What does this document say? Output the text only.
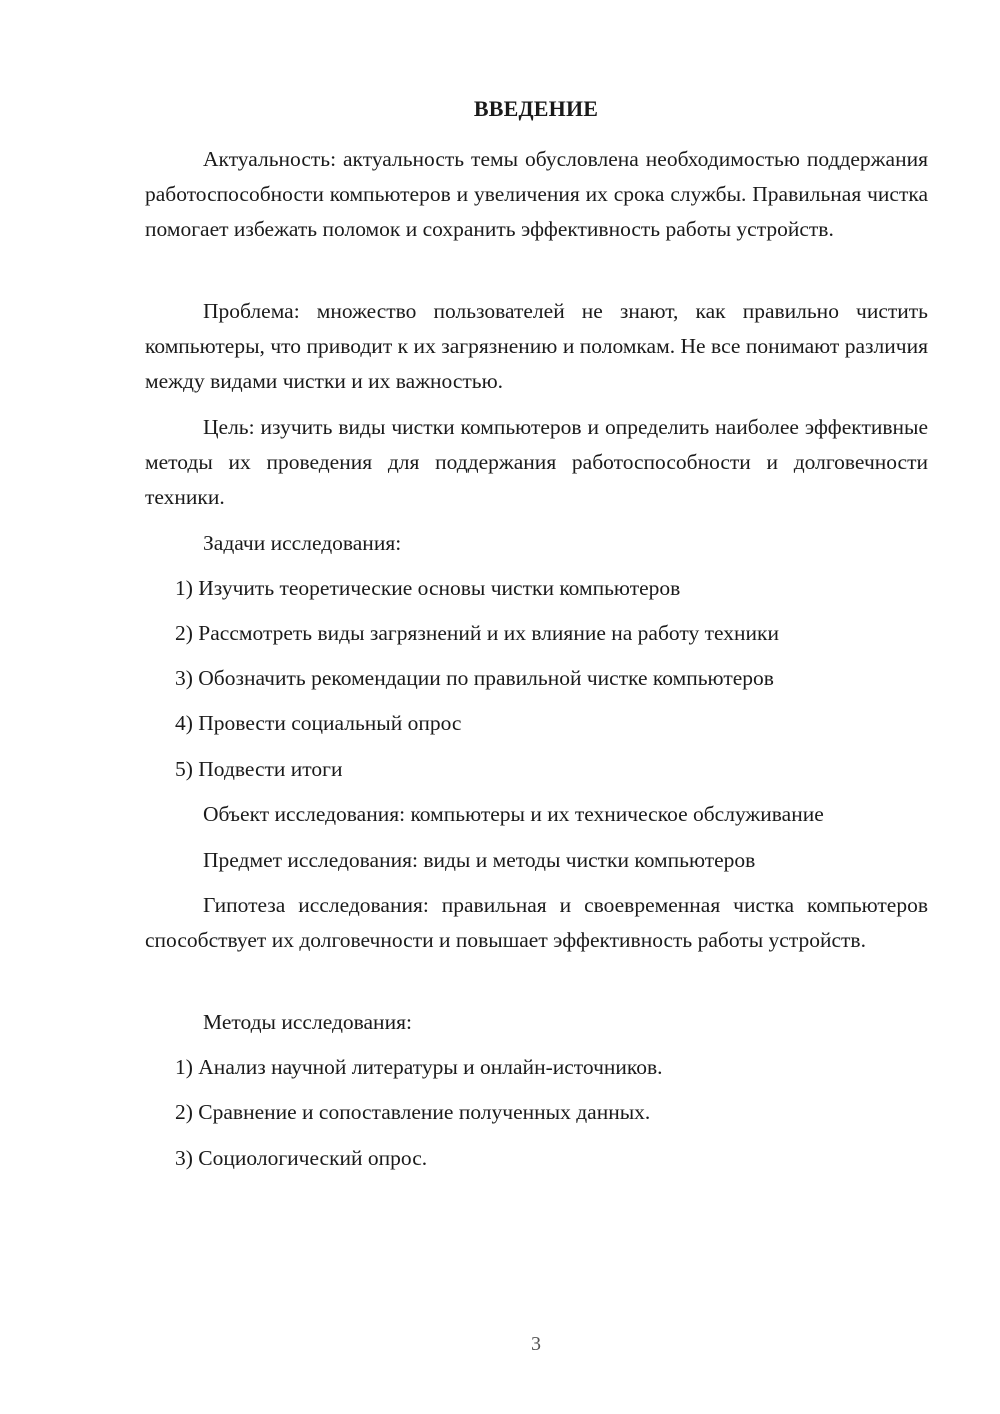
ВВЕДЕНИЕ

Актуальность: актуальность темы обусловлена необходимостью поддержания работоспособности компьютеров и увеличения их срока службы. Правильная чистка помогает избежать поломок и сохранить эффективность работы устройств.

Проблема: множество пользователей не знают, как правильно чистить компьютеры, что приводит к их загрязнению и поломкам. Не все понимают различия между видами чистки и их важностью.

Цель: изучить виды чистки компьютеров и определить наиболее эффективные методы их проведения для поддержания работоспособности и долговечности техники.

Задачи исследования:
1) Изучить теоретические основы чистки компьютеров
2) Рассмотреть виды загрязнений и их влияние на работу техники
3) Обозначить рекомендации по правильной чистке компьютеров
4) Провести социальный опрос
5) Подвести итоги
Объект исследования: компьютеры и их техническое обслуживание
Предмет исследования: виды и методы чистки компьютеров

Гипотеза исследования: правильная и своевременная чистка компьютеров способствует их долговечности и повышает эффективность работы устройств.

Методы исследования:
1) Анализ научной литературы и онлайн-источников.
2) Сравнение и сопоставление полученных данных.
3) Социологический опрос.
3
